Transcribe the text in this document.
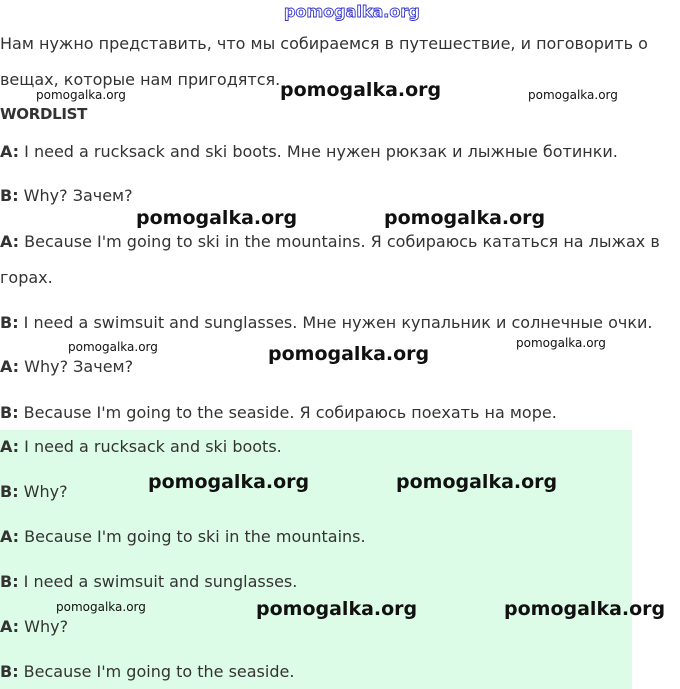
pomogalka.org
Нам нужно представить, что мы собираемся в путешествие, и поговорить о
вещах, которые нам пригодятся.
WORDLIST
A: I need a rucksack and ski boots. Мне нужен рюкзак и лыжные ботинки.
B: Why? Зачем?
A: Because I'm going to ski in the mountains. Я собираюсь кататься на лыжах в
горах.
B: I need a swimsuit and sunglasses. Мне нужен купальник и солнечные очки.
A: Why? Зачем?
B: Because I'm going to the seaside. Я собираюсь поехать на море.
A: I need a rucksack and ski boots.
B: Why?
A: Because I'm going to ski in the mountains.
B: I need a swimsuit and sunglasses.
A: Why?
B: Because I'm going to the seaside.
pomogalka.org
pomogalka.org	pomogalka.org
pomogalka.org	pomogalka.org
pomogalka.org	pomogalka.org	pomogalka.org
pomogalka.org	pomogalka.org
pomogalka.org	pomogalka.org	pomogalka.org
